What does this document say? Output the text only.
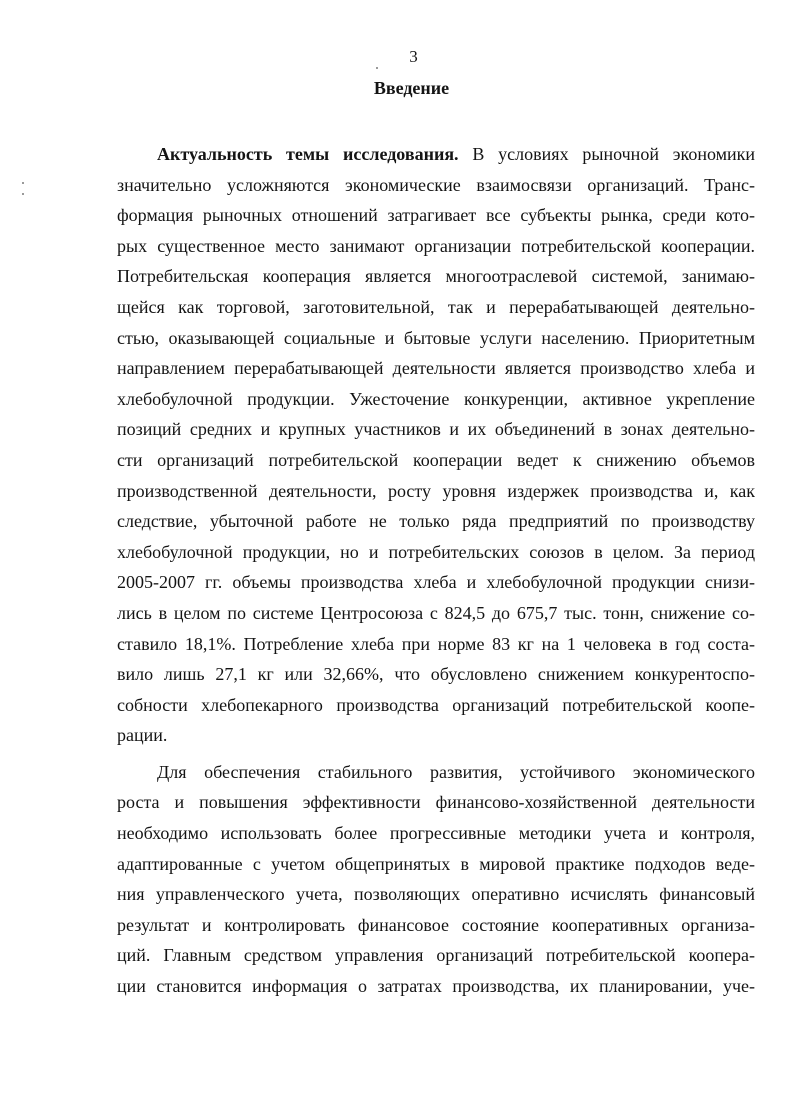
3
Введение
Актуальность темы исследования. В условиях рыночной экономики
значительно усложняются экономические взаимосвязи организаций. Транс-
формация рыночных отношений затрагивает все субъекты рынка, среди кото-
рых существенное место занимают организации потребительской кооперации.
Потребительская кооперация является многоотраслевой системой, занимаю-
щейся как торговой, заготовительной, так и перерабатывающей деятельно-
стью, оказывающей социальные и бытовые услуги населению. Приоритетным
направлением перерабатывающей деятельности является производство хлеба и
хлебобулочной продукции. Ужесточение конкуренции, активное укрепление
позиций средних и крупных участников и их объединений в зонах деятельно-
сти организаций потребительской кооперации ведет к снижению объемов
производственной деятельности, росту уровня издержек производства и, как
следствие, убыточной работе не только ряда предприятий по производству
хлебобулочной продукции, но и потребительских союзов в целом. За период
2005-2007 гг. объемы производства хлеба и хлебобулочной продукции снизи-
лись в целом по системе Центросоюза с 824,5 до 675,7 тыс. тонн, снижение со-
ставило 18,1%. Потребление хлеба при норме 83 кг на 1 человека в год соста-
вило лишь 27,1 кг или 32,66%, что обусловлено снижением конкурентоспо-
собности хлебопекарного производства организаций потребительской коопе-
рации.
Для обеспечения стабильного развития, устойчивого экономического
роста и повышения эффективности финансово-хозяйственной деятельности
необходимо использовать более прогрессивные методики учета и контроля,
адаптированные с учетом общепринятых в мировой практике подходов веде-
ния управленческого учета, позволяющих оперативно исчислять финансовый
результат и контролировать финансовое состояние кооперативных организа-
ций. Главным средством управления организаций потребительской коопера-
ции становится информация о затратах производства, их планировании, уче-
